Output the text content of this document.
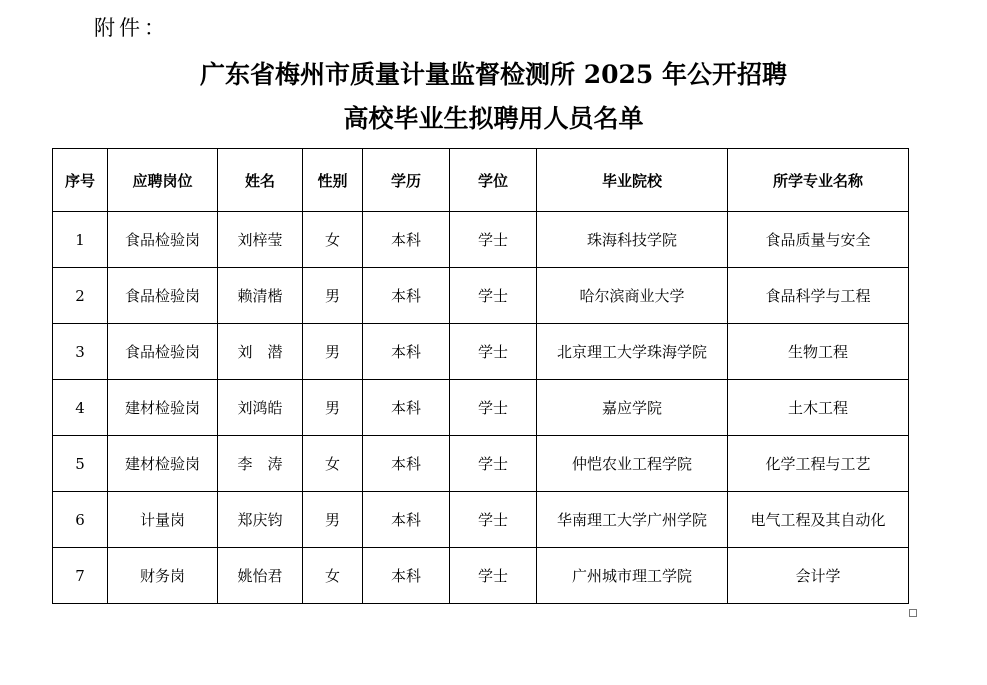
附件：
广东省梅州市质量计量监督检测所 2025 年公开招聘
高校毕业生拟聘用人员名单
序号	应聘岗位	姓名	性别	学历	学位	毕业院校	所学专业名称
1	食品检验岗	刘梓莹	女	本科	学士	珠海科技学院	食品质量与安全
2	食品检验岗	赖清楷	男	本科	学士	哈尔滨商业大学	食品科学与工程
3	食品检验岗	刘　潜	男	本科	学士	北京理工大学珠海学院	生物工程
4	建材检验岗	刘鸿皓	男	本科	学士	嘉应学院	土木工程
5	建材检验岗	李　涛	女	本科	学士	仲恺农业工程学院	化学工程与工艺
6	计量岗	郑庆钧	男	本科	学士	华南理工大学广州学院	电气工程及其自动化
7	财务岗	姚怡君	女	本科	学士	广州城市理工学院	会计学
